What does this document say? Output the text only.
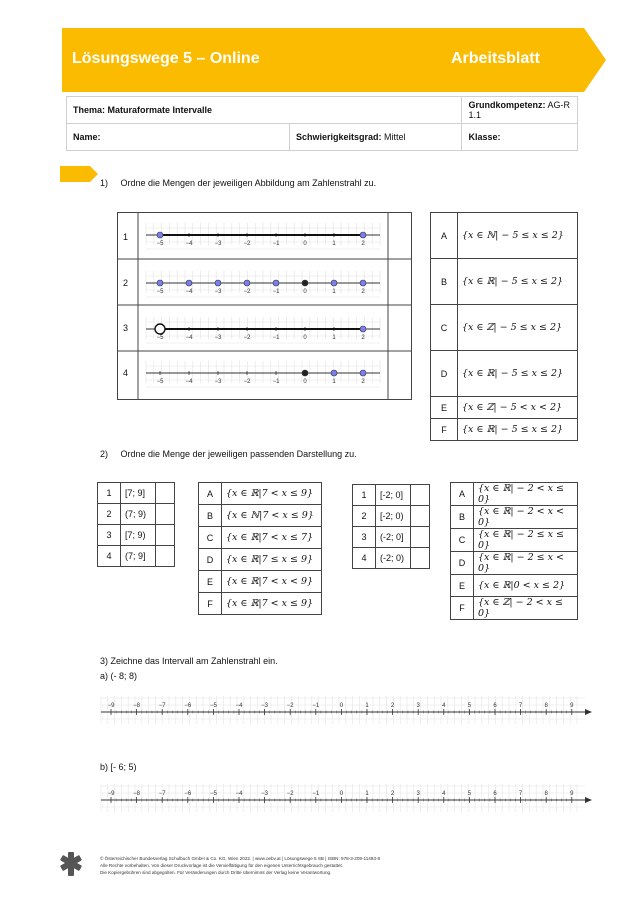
Lösungswege 5 – Online	Arbeitsblatt
Thema: Maturaformate Intervalle		Grundkompetenz: AG-R 1.1
Name:	Schwierigkeitsgrad: Mittel	Klasse:
1)     Ordne die Mengen der jeweiligen Abbildung am Zahlenstrahl zu.
−5	−4	−3	−2	−1	0	1	2
−5	−4	−3	−2	−1	0	1	2
−5	−4	−3	−2	−1	0	1	2
−5	−4	−3	−2	−1	0	1	2
1
2
3
4
A	{𝑥 ∈ ℕ| − 5 ≤ 𝑥 ≤ 2}
B	{𝑥 ∈ ℝ| − 5 ≤ 𝑥 ≤ 2}
C	{𝑥 ∈ ℤ| − 5 ≤ 𝑥 ≤ 2}
D	{𝑥 ∈ ℝ| − 5 ≤ 𝑥 ≤ 2}
E	{𝑥 ∈ ℤ| − 5 < 𝑥 < 2}
F	{𝑥 ∈ ℝ| − 5 ≤ 𝑥 ≤ 2}
2)     Ordne die Menge der jeweiligen passenden Darstellung zu.
1	[7; 9]	
2	(7; 9)	
3	[7; 9)	
4	(7; 9]	
A	{𝑥 ∈ ℝ|7 < 𝑥 ≤ 9}
B	{𝑥 ∈ ℕ|7 < 𝑥 ≤ 9}
C	{𝑥 ∈ ℝ|7 < 𝑥 ≤ 7}
D	{𝑥 ∈ ℝ|7 ≤ 𝑥 ≤ 9}
E	{𝑥 ∈ ℝ|7 < 𝑥 < 9}
F	{𝑥 ∈ ℝ|7 < 𝑥 ≤ 9}
1	[-2; 0]	
2	[-2; 0)	
3	(-2; 0]	
4	(-2; 0)	
A	{𝑥 ∈ ℝ| − 2 < 𝑥 ≤ 0}
B	{𝑥 ∈ ℝ| − 2 < 𝑥 < 0}
C	{𝑥 ∈ ℝ| − 2 ≤ 𝑥 ≤ 0}
D	{𝑥 ∈ ℝ| − 2 ≤ 𝑥 < 0}
E	{𝑥 ∈ ℝ|0 < 𝑥 ≤ 2}
F	{𝑥 ∈ ℤ| − 2 < 𝑥 ≤ 0}
3) Zeichne das Intervall am Zahlenstrahl ein.
a) (- 8; 8)
−9	−8	−7	−6	−5	−4	−3	−2	−1	0	1	2	3	4	5	6	7	8	9
b) [- 6; 5)
−9	−8	−7	−6	−5	−4	−3	−2	−1	0	1	2	3	4	5	6	7	8	9
© Österreichischer Bundesverlag Schulbuch GmbH & Co. KG, Wien 2022. | www.oebv.at | Lösungswege 5 SB | ISBN: 978-3-209-11493-8
Alle Rechte vorbehalten. Von dieser Druckvorlage ist die Vervielfältigung für den eigenen Unterrichtsgebrauch gestattet.
Die Kopiergebühren sind abgegolten. Für Veränderungen durch Dritte übernimmt der Verlag keine Verantwortung.
